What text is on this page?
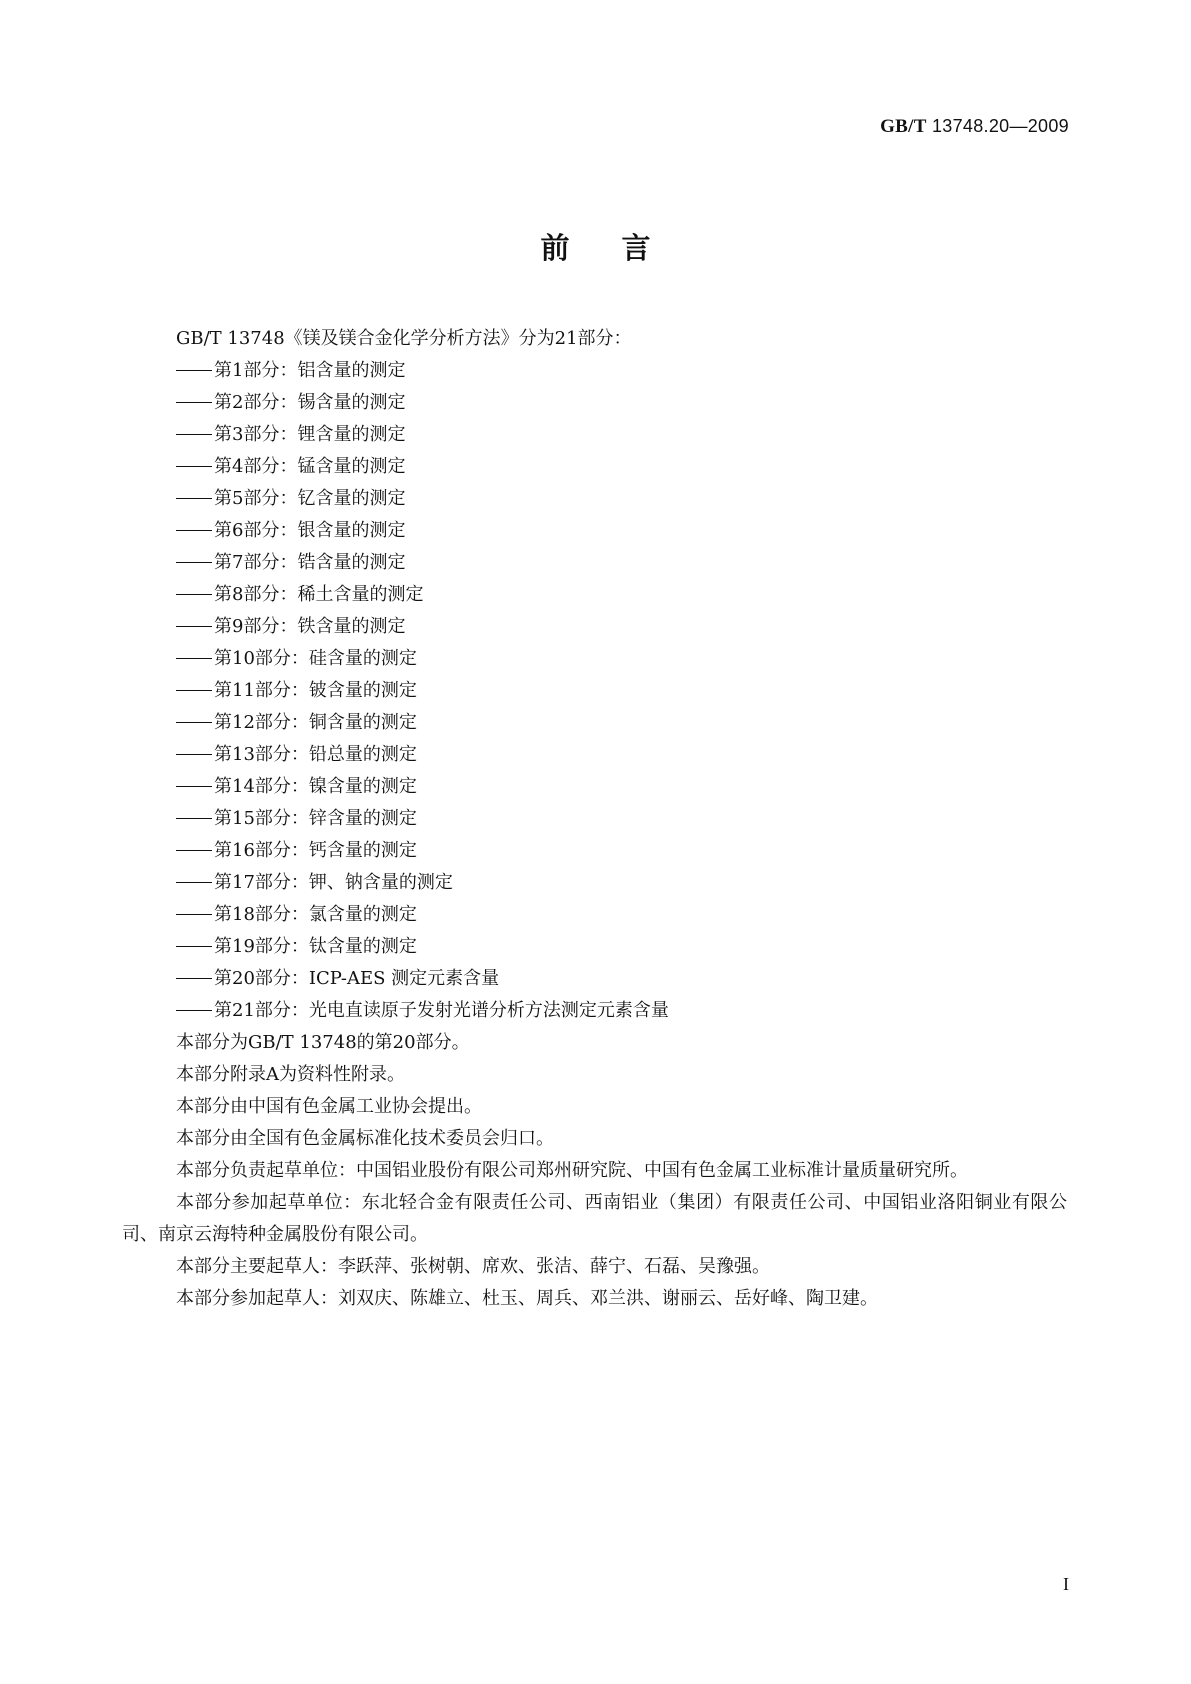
GB/T 13748.20—2009
前言

GB/T 13748《镁及镁合金化学分析方法》分为21部分：

第1部分：铝含量的测定

第2部分：锡含量的测定

第3部分：锂含量的测定

第4部分：锰含量的测定

第5部分：钇含量的测定

第6部分：银含量的测定

第7部分：锆含量的测定

第8部分：稀土含量的测定

第9部分：铁含量的测定

第10部分：硅含量的测定

第11部分：铍含量的测定

第12部分：铜含量的测定

第13部分：铅总量的测定

第14部分：镍含量的测定

第15部分：锌含量的测定

第16部分：钙含量的测定

第17部分：钾、钠含量的测定

第18部分：氯含量的测定

第19部分：钛含量的测定

第20部分：ICP-AES 测定元素含量

第21部分：光电直读原子发射光谱分析方法测定元素含量

本部分为GB/T 13748的第20部分。

本部分附录A为资料性附录。

本部分由中国有色金属工业协会提出。

本部分由全国有色金属标准化技术委员会归口。

本部分负责起草单位：中国铝业股份有限公司郑州研究院、中国有色金属工业标准计量质量研究所。

本部分参加起草单位：东北轻合金有限责任公司、西南铝业（集团）有限责任公司、中国铝业洛阳铜业有限公司、南京云海特种金属股份有限公司。

本部分主要起草人：李跃萍、张树朝、席欢、张洁、薛宁、石磊、吴豫强。

本部分参加起草人：刘双庆、陈雄立、杜玉、周兵、邓兰洪、谢丽云、岳好峰、陶卫建。

I
